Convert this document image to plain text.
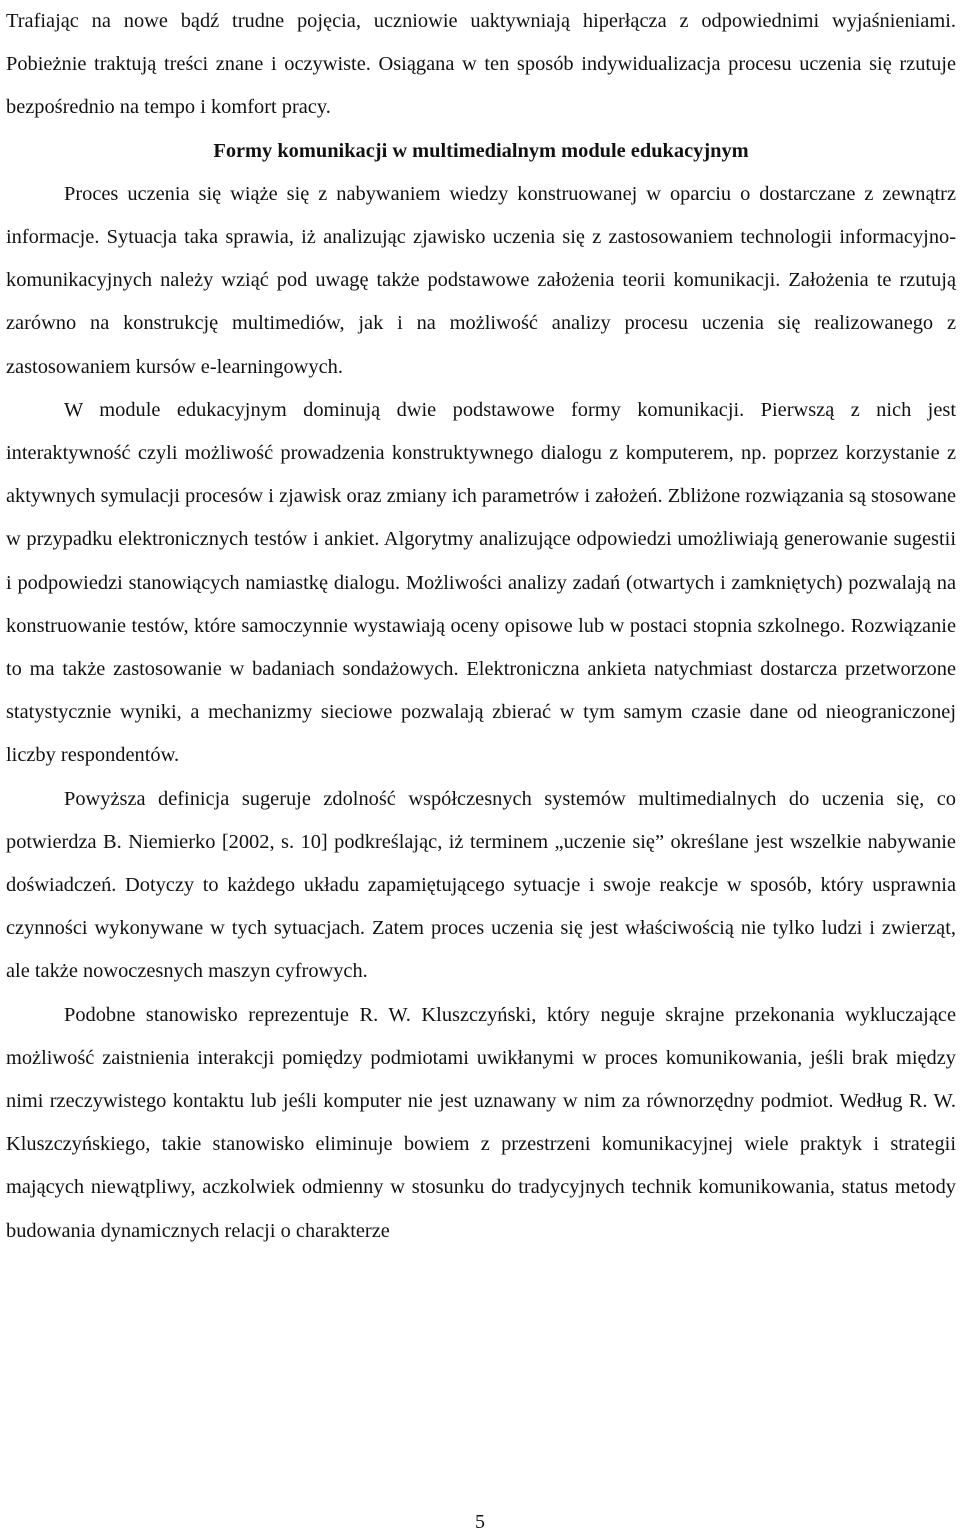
Trafiając na nowe bądź trudne pojęcia, uczniowie uaktywniają hiperłącza z odpowiednimi wyjaśnieniami. Pobieżnie traktują treści znane i oczywiste. Osiągana w ten sposób indywidualizacja procesu uczenia się rzutuje bezpośrednio na tempo i komfort pracy.

Formy komunikacji w multimedialnym module edukacyjnym

Proces uczenia się wiąże się z nabywaniem wiedzy konstruowanej w oparciu o dostarczane z zewnątrz informacje. Sytuacja taka sprawia, iż analizując zjawisko uczenia się z zastosowaniem technologii informacyjno-komunikacyjnych należy wziąć pod uwagę także podstawowe założenia teorii komunikacji. Założenia te rzutują zarówno na konstrukcję multimediów, jak i na możliwość analizy procesu uczenia się realizowanego z zastosowaniem kursów e-learningowych.

W module edukacyjnym dominują dwie podstawowe formy komunikacji. Pierwszą z nich jest interaktywność czyli możliwość prowadzenia konstruktywnego dialogu z komputerem, np. poprzez korzystanie z aktywnych symulacji procesów i zjawisk oraz zmiany ich parametrów i założeń. Zbliżone rozwiązania są stosowane w przypadku elektronicznych testów i ankiet. Algorytmy analizujące odpowiedzi umożliwiają generowanie sugestii i podpowiedzi stanowiących namiastkę dialogu. Możliwości analizy zadań (otwartych i zamkniętych) pozwalają na konstruowanie testów, które samoczynnie wystawiają oceny opisowe lub w postaci stopnia szkolnego. Rozwiązanie to ma także zastosowanie w badaniach sondażowych. Elektroniczna ankieta natychmiast dostarcza przetworzone statystycznie wyniki, a mechanizmy sieciowe pozwalają zbierać w tym samym czasie dane od nieograniczonej liczby respondentów.

Powyższa definicja sugeruje zdolność współczesnych systemów multimedialnych do uczenia się, co potwierdza B. Niemierko [2002, s. 10] podkreślając, iż terminem „uczenie się” określane jest wszelkie nabywanie doświadczeń. Dotyczy to każdego układu zapamiętującego sytuacje i swoje reakcje w sposób, który usprawnia czynności wykonywane w tych sytuacjach. Zatem proces uczenia się jest właściwością nie tylko ludzi i zwierząt, ale także nowoczesnych maszyn cyfrowych.

Podobne stanowisko reprezentuje R. W. Kluszczyński, który neguje skrajne przekonania wykluczające możliwość zaistnienia interakcji pomiędzy podmiotami uwikłanymi w proces komunikowania, jeśli brak między nimi rzeczywistego kontaktu lub jeśli komputer nie jest uznawany w nim za równorzędny podmiot. Według R. W. Kluszczyńskiego, takie stanowisko eliminuje bowiem z przestrzeni komunikacyjnej wiele praktyk i strategii mających niewątpliwy, aczkolwiek odmienny w stosunku do tradycyjnych technik komunikowania, status metody budowania dynamicznych relacji o charakterze

5
